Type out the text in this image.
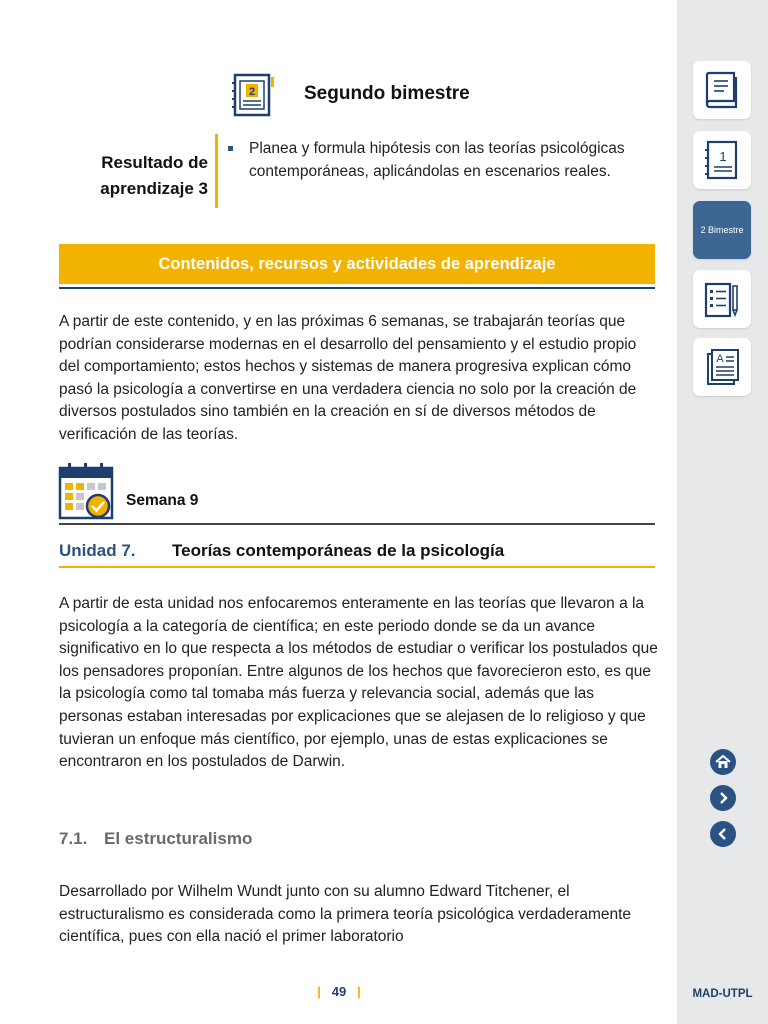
2	Segundo bimestre
Resultado de
aprendizaje 3
Planea y formula hipótesis con las teorías psicológicas contemporáneas, aplicándolas en escenarios reales.
Contenidos, recursos y actividades de aprendizaje
A partir de este contenido, y en las próximas 6 semanas, se trabajarán teorías que podrían considerarse modernas en el desarrollo del pensamiento y el estudio propio del comportamiento; estos hechos y sistemas de manera progresiva explican cómo pasó la psicología a convertirse en una verdadera ciencia no solo por la creación de diversos postulados sino también en la creación en sí de diversos métodos de verificación de las teorías.
Semana 9
Unidad 7. Teorías contemporáneas de la psicología
A partir de esta unidad nos enfocaremos enteramente en las teorías que llevaron a la psicología a la categoría de científica; en este periodo donde se da un avance significativo en lo que respecta a los métodos de estudiar o verificar los postulados que los pensadores proponían. Entre algunos de los hechos que favorecieron esto, es que la psicología como tal tomaba más fuerza y relevancia social, además que las personas estaban interesadas por explicaciones que se alejasen de lo religioso y que tuvieran un enfoque más científico, por ejemplo, unas de estas explicaciones se encontraron en los postulados de Darwin.
7.1. El estructuralismo
Desarrollado por Wilhelm Wundt junto con su alumno Edward Titchener, el estructuralismo es considerada como la primera teoría psicológica verdaderamente científica, pues con ella nació el primer laboratorio
| 49 |
1
2 Bimestre
A
MAD-UTPL
